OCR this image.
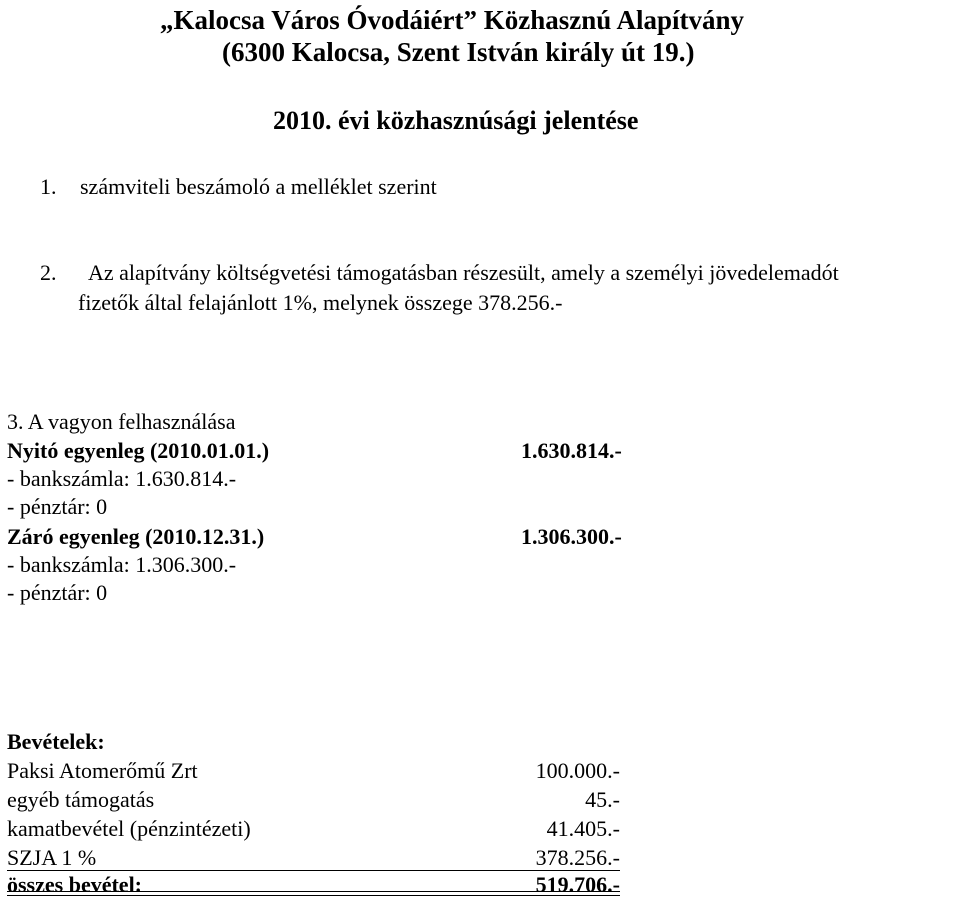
„Kalocsa Város Óvodáiért” Közhasznú Alapítvány
(6300 Kalocsa, Szent István király út 19.)
2010. évi közhasznúsági jelentése
1. számviteli beszámoló a melléklet szerint
2. Az alapítvány költségvetési támogatásban részesült, amely a személyi jövedelemadót
fizetők által felajánlott 1%, melynek összege 378.256.-
3. A vagyon felhasználása
Nyitó egyenleg (2010.01.01.)	1.630.814.-
- bankszámla: 1.630.814.-
- pénztár: 0
Záró egyenleg (2010.12.31.)	1.306.300.-
- bankszámla: 1.306.300.-
- pénztár: 0
Bevételek:
Paksi Atomerőmű Zrt	100.000.-
egyéb támogatás	45.-
kamatbevétel (pénzintézeti)	41.405.-
SZJA 1 %	378.256.-
összes bevétel:	519.706.-
